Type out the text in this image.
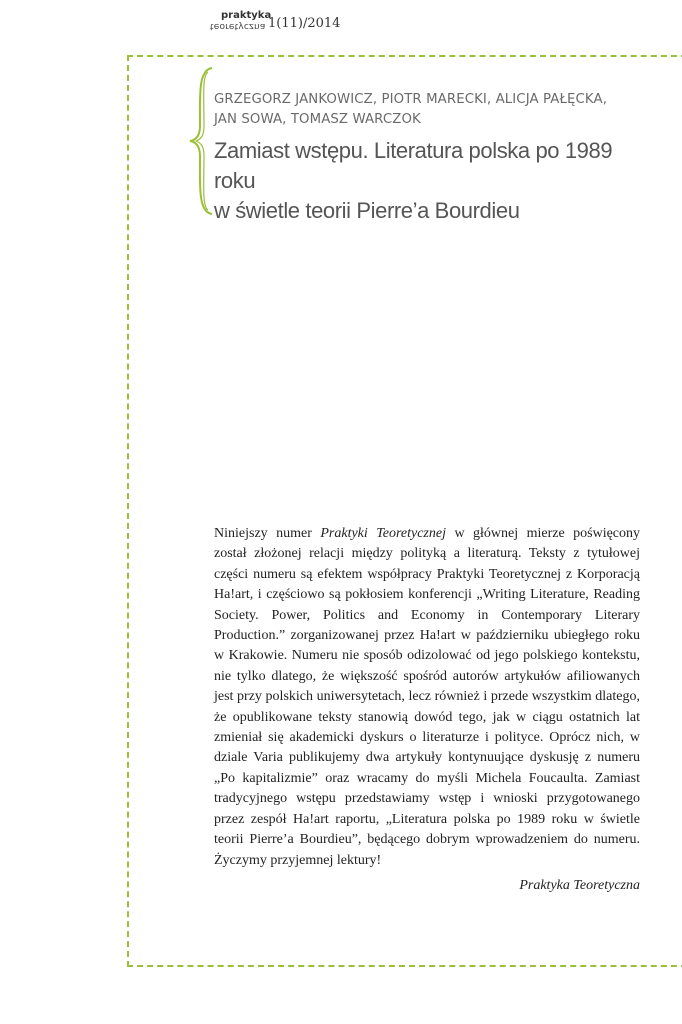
praktyka
teoretyczna 1(11)/2014
GRZEGORZ JANKOWICZ, PIOTR MARECKI, ALICJA PAŁĘCKA,
JAN SOWA, TOMASZ WARCZOK
Zamiast wstępu. Literatura polska po 1989 roku
w świetle teorii Pierre’a Bourdieu

Niniejszy numer Praktyki Teoretycznej w głównej mierze poświęcony został złożonej relacji między polityką a literaturą. Teksty z tytułowej części numeru są efektem współpracy Praktyki Teoretycznej z Korporacją Ha!art, i częściowo są pokłosiem konferencji „Writing Literature, Reading Society. Power, Politics and Economy in Contemporary Literary Production.” zorganizowanej przez Ha!art w październiku ubiegłego roku w Krakowie. Numeru nie sposób odizolować od jego polskiego kontekstu, nie tylko dlatego, że większość spośród autorów artykułów afiliowanych jest przy polskich uniwersytetach, lecz również i przede wszystkim dlatego, że opublikowane teksty stanowią dowód tego, jak w ciągu ostatnich lat zmieniał się akademicki dyskurs o literaturze i polityce. Oprócz nich, w dziale Varia publikujemy dwa artykuły kontynuujące dyskusję z numeru „Po kapitalizmie” oraz wracamy do myśli Michela Foucaulta. Zamiast tradycyjnego wstępu przedstawiamy wstęp i wnioski przygotowanego przez zespół Ha!art raportu, „Literatura polska po 1989 roku w świetle teorii Pierre’a Bourdieu”, będącego dobrym wprowadzeniem do numeru. Życzymy przyjemnej lektury!

Praktyka Teoretyczna
